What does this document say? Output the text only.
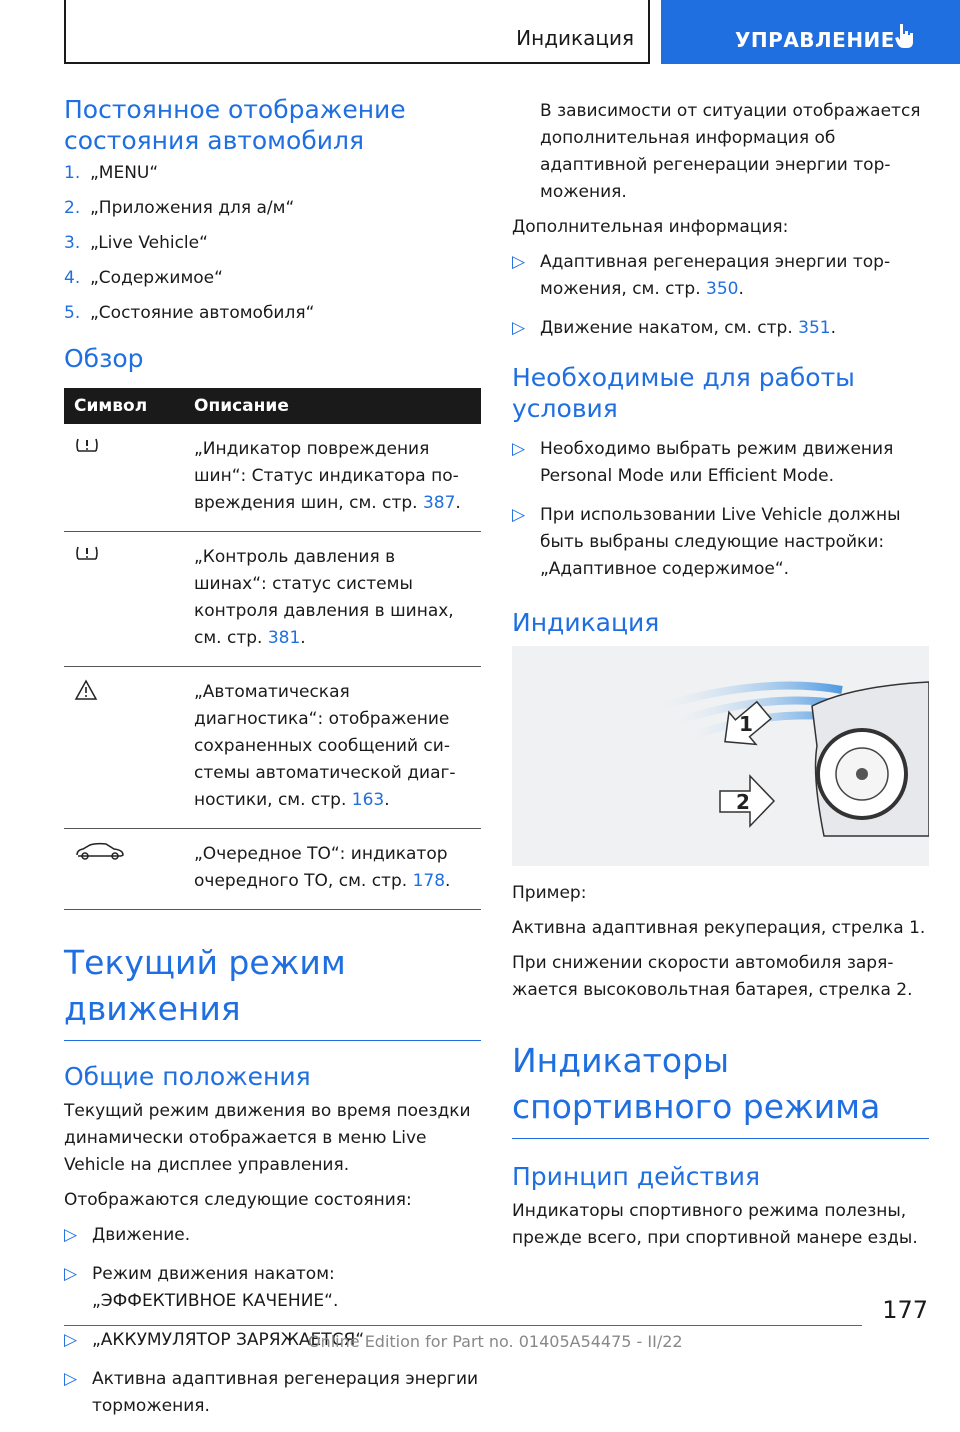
Индикация	УПРАВЛЕНИЕ
Постоянное отображение состояния автомобиля
1. „MENU“
2. „Приложения для а/м“
3. „Live Vehicle“
4. „Содержимое“
5. „Состояние автомобиля“
Обзор
Символ	Описание
	„Индикатор повреждения шин“: Статус индикатора повреждения шин, см. стр. 387.
	„Контроль давления в шинах“: статус системы контроля давления в шинах, см. стр. 381.
	„Автоматическая диагностика“: отображение сохраненных сообщений системы автоматической диагностики, см. стр. 163.
	„Очередное ТО“: индикатор очередного ТО, см. стр. 178.
Текущий режим движения
Общие положения

Текущий режим движения во время поездки динамически отображается в меню Live Vehicle на дисплее управления.

Отображаются следующие состояния:

▷ Движение.
▷ Режим движения накатом: „ЭФФЕКТИВНОЕ КАЧЕНИЕ“.
▷ „АККУМУЛЯТОР ЗАРЯЖАЕТСЯ“
▷ Активна адаптивная регенерация энергии торможения.

В зависимости от ситуации отображается дополнительная информация об адаптивной регенерации энергии торможения.

Дополнительная информация:

▷ Адаптивная регенерация энергии торможения, см. стр. 350.
▷ Движение накатом, см. стр. 351.
Необходимые для работы условия
▷ Необходимо выбрать режим движения Personal Mode или Efficient Mode.
▷ При использовании Live Vehicle должны быть выбраны следующие настройки: „Адаптивное содержимое“.
Индикация
1
2

Пример:

Активна адаптивная рекуперация, стрелка 1.

При снижении скорости автомобиля заряжается высоковольтная батарея, стрелка 2.

Индикаторы спортивного режима
Принцип действия

Индикаторы спортивного режима полезны, прежде всего, при спортивной манере езды.

177
Online Edition for Part no. 01405A54475 - II/22
